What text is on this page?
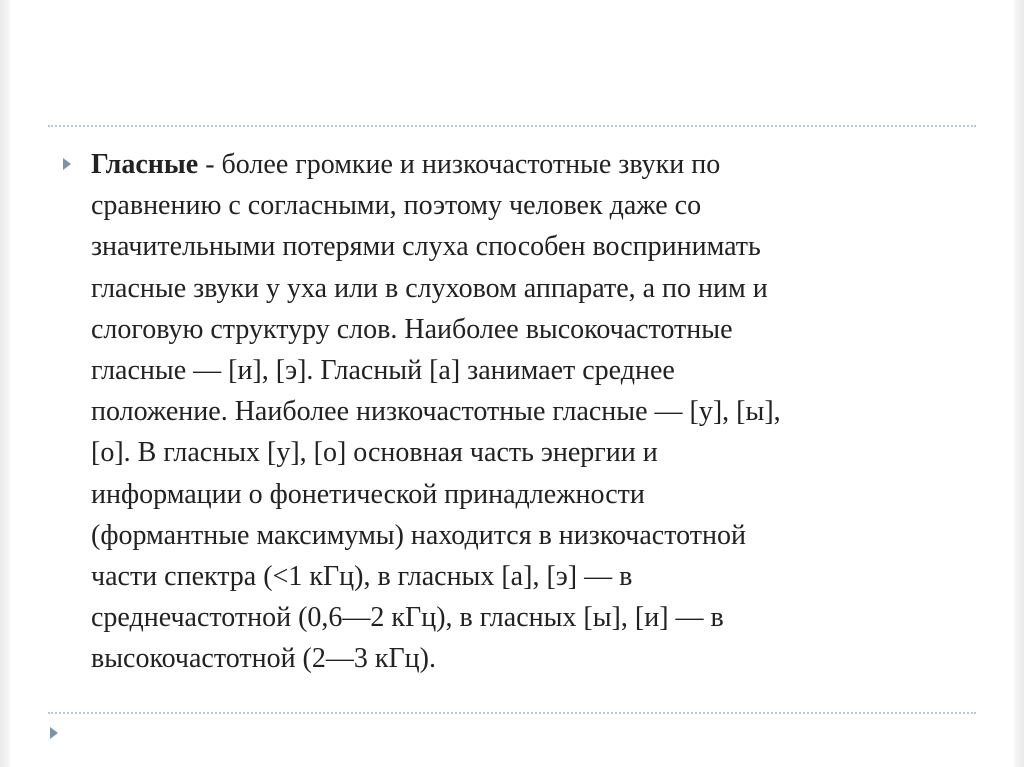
Гласные - более громкие и низкочастотные звуки по
сравнению с согласными, поэтому человек даже со
значительными потерями слуха способен воспринимать
гласные звуки у уха или в слуховом аппарате, а по ним и
слоговую структуру слов. Наиболее высокочастотные
гласные — [и], [э]. Гласный [а] занимает среднее
положение. Наиболее низкочастотные гласные — [у], [ы],
[о]. В гласных [у], [о] основная часть энергии и
информации о фонетической принадлежности
(формантные максимумы) находится в низкочастотной
части спектра (<1 кГц), в гласных [а], [э] — в
среднечастотной (0,6—2 кГц), в гласных [ы], [и] — в
высокочастотной (2—3 кГц).
